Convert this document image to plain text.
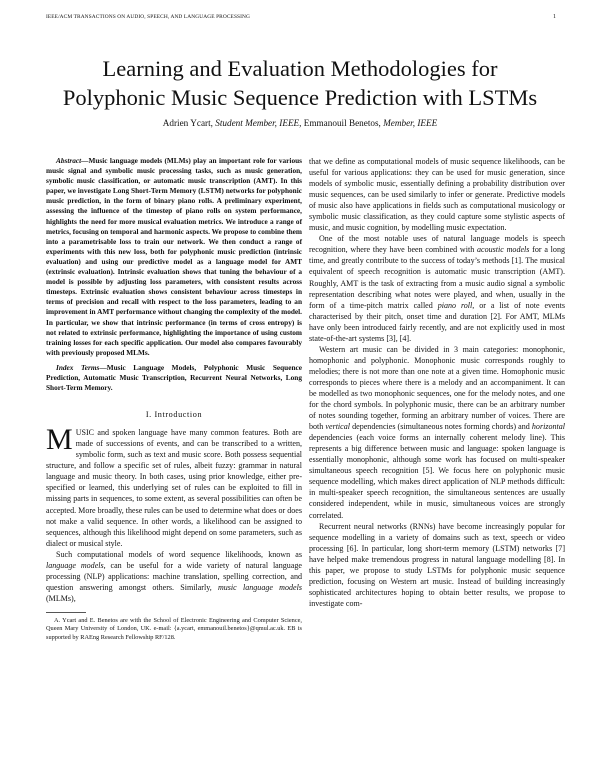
IEEE/ACM TRANSACTIONS ON AUDIO, SPEECH, AND LANGUAGE PROCESSING	1
Learning and Evaluation Methodologies for
Polyphonic Music Sequence Prediction with LSTMs
Adrien Ycart, Student Member, IEEE, Emmanouil Benetos, Member, IEEE

Abstract—Music language models (MLMs) play an important role for various music signal and symbolic music processing tasks, such as music generation, symbolic music classification, or automatic music transcription (AMT). In this paper, we investigate Long Short-Term Memory (LSTM) networks for polyphonic music prediction, in the form of binary piano rolls. A preliminary experiment, assessing the influence of the timestep of piano rolls on system performance, highlights the need for more musical evaluation metrics. We introduce a range of metrics, focusing on temporal and harmonic aspects. We propose to combine them into a parametrisable loss to train our network. We then conduct a range of experiments with this new loss, both for polyphonic music prediction (intrinsic evaluation) and using our predictive model as a language model for AMT (extrinsic evaluation). Intrinsic evaluation shows that tuning the behaviour of a model is possible by adjusting loss parameters, with consistent results across timesteps. Extrinsic evaluation shows consistent behaviour across timesteps in terms of precision and recall with respect to the loss parameters, leading to an improvement in AMT performance without changing the complexity of the model. In particular, we show that intrinsic performance (in terms of cross entropy) is not related to extrinsic performance, highlighting the importance of using custom training losses for each specific application. Our model also compares favourably with previously proposed MLMs.

Index Terms—Music Language Models, Polyphonic Music Sequence Prediction, Automatic Music Transcription, Recurrent Neural Networks, Long Short-Term Memory.

I. Introduction

MUSIC and spoken language have many common features. Both are made of successions of events, and can be transcribed to a written, symbolic form, such as text and music score. Both possess sequential structure, and follow a specific set of rules, albeit fuzzy: grammar in natural language and music theory. In both cases, using prior knowledge, either pre-specified or learned, this underlying set of rules can be exploited to fill in missing parts in sequences, to some extent, as several possibilities can often be accepted. More broadly, these rules can be used to determine what does or does not make a valid sequence. In other words, a likelihood can be assigned to sequences, although this likelihood might depend on some parameters, such as dialect or musical style.

Such computational models of word sequence likelihoods, known as language models, can be useful for a wide variety of natural language processing (NLP) applications: machine translation, spelling correction, and question answering amongst others. Similarly, music language models (MLMs),

A. Ycart and E. Benetos are with the School of Electronic Engineering and Computer Science, Queen Mary University of London, UK. e-mail: {a.ycart, emmanouil.benetos}@qmul.ac.uk. EB is supported by RAEng Research Fellowship RF/128.

that we define as computational models of music sequence likelihoods, can be useful for various applications: they can be used for music generation, since models of symbolic music, essentially defining a probability distribution over music sequences, can be used similarly to infer or generate. Predictive models of music also have applications in fields such as computational musicology or symbolic music classification, as they could capture some stylistic aspects of music, and music cognition, by modelling music expectation.

One of the most notable uses of natural language models is speech recognition, where they have been combined with acoustic models for a long time, and greatly contribute to the success of today’s methods [1]. The musical equivalent of speech recognition is automatic music transcription (AMT). Roughly, AMT is the task of extracting from a music audio signal a symbolic representation describing what notes were played, and when, usually in the form of a time-pitch matrix called piano roll, or a list of note events characterised by their pitch, onset time and duration [2]. For AMT, MLMs have only been introduced fairly recently, and are not explicitly used in most state-of-the-art systems [3], [4].

Western art music can be divided in 3 main categories: monophonic, homophonic and polyphonic. Monophonic music corresponds roughly to melodies; there is not more than one note at a given time. Homophonic music corresponds to pieces where there is a melody and an accompaniment. It can be modelled as two monophonic sequences, one for the melody notes, and one for the chord symbols. In polyphonic music, there can be an arbitrary number of notes sounding together, forming an arbitrary number of voices. There are both vertical dependencies (simultaneous notes forming chords) and horizontal dependencies (each voice forms an internally coherent melody line). This represents a big difference between music and language: spoken language is essentially monophonic, although some work has focused on multi-speaker simultaneous speech recognition [5]. We focus here on polyphonic music sequence modelling, which makes direct application of NLP methods difficult: in multi-speaker speech recognition, the simultaneous sentences are usually considered independent, while in music, simultaneous voices are strongly correlated.

Recurrent neural networks (RNNs) have become increasingly popular for sequence modelling in a variety of domains such as text, speech or video processing [6]. In particular, long short-term memory (LSTM) networks [7] have helped make tremendous progress in natural language modelling [8]. In this paper, we propose to study LSTMs for polyphonic music sequence prediction, focusing on Western art music. Instead of building increasingly sophisticated architectures hoping to obtain better results, we propose to investigate com-
